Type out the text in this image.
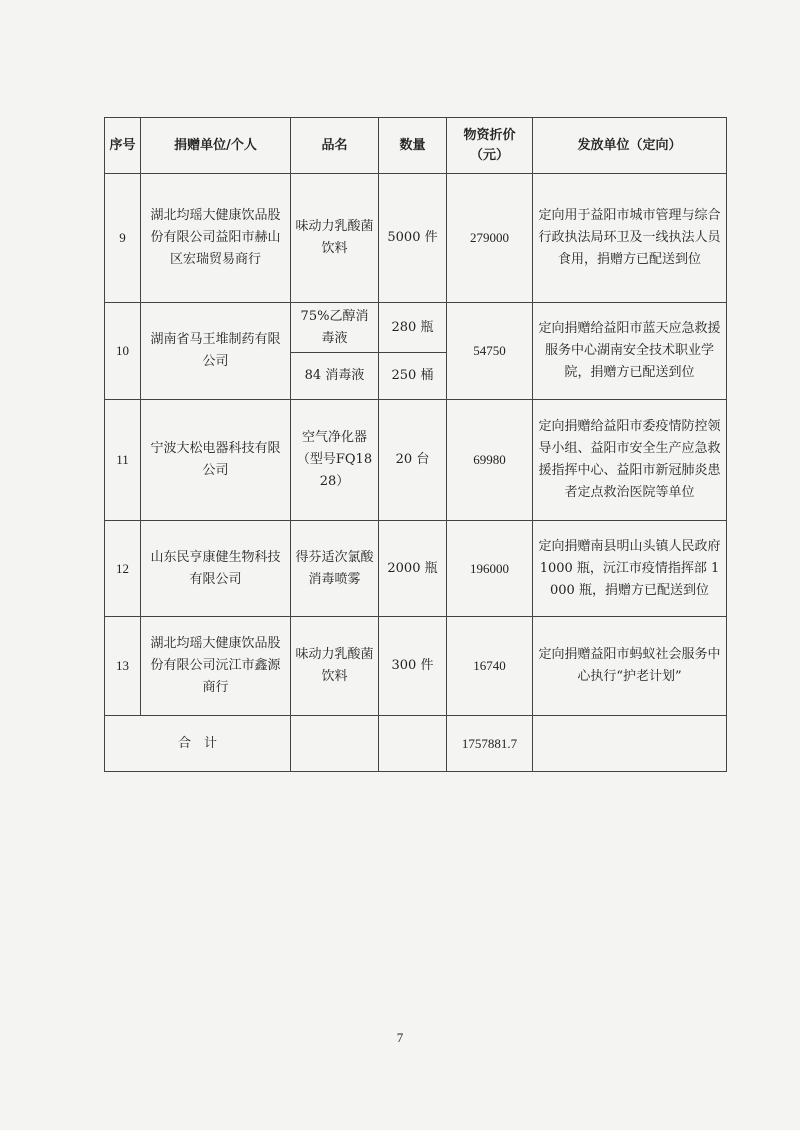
序号	捐赠单位/个人	品名	数量	物资折价（元）	发放单位（定向）
9	湖北均瑶大健康饮品股份有限公司益阳市赫山区宏瑞贸易商行	味动力乳酸菌饮料	5000 件	279000	定向用于益阳市城市管理与综合行政执法局环卫及一线执法人员食用，捐赠方已配送到位
10	湖南省马王堆制药有限公司	75%乙醇消毒液	280 瓶	54750	定向捐赠给益阳市蓝天应急救援服务中心湖南安全技术职业学院，捐赠方已配送到位
		84 消毒液	250 桶		
11	宁波大松电器科技有限公司	空气净化器（型号FQ1828）	20 台	69980	定向捐赠给益阳市委疫情防控领导小组、益阳市安全生产应急救援指挥中心、益阳市新冠肺炎患者定点救治医院等单位
12	山东民亨康健生物科技有限公司	得芬适次氯酸消毒喷雾	2000 瓶	196000	定向捐赠南县明山头镇人民政府 1000 瓶，沅江市疫情指挥部 1000 瓶，捐赠方已配送到位
13	湖北均瑶大健康饮品股份有限公司沅江市鑫源商行	味动力乳酸菌饮料	300 件	16740	定向捐赠益阳市蚂蚁社会服务中心执行“护老计划”
合　计				1757881.7	
7
